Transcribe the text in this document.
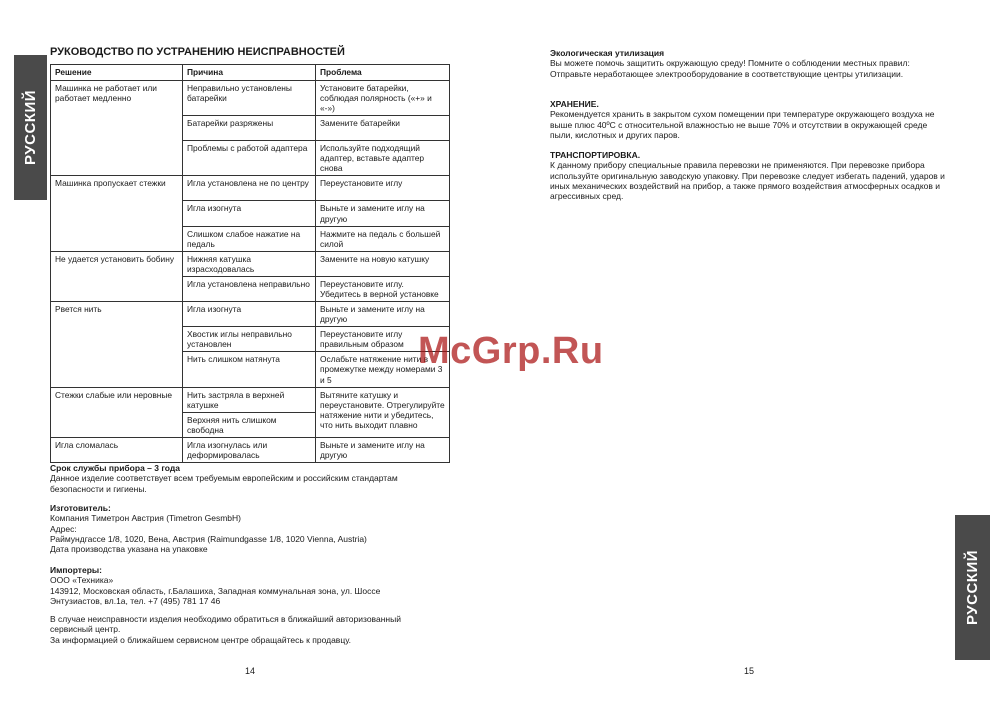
РУССКИЙ
РУКОВОДСТВО ПО УСТРАНЕНИЮ НЕИСПРАВНОСТЕЙ
Решение	Причина	Проблема
Машинка не работает или работает медленно	Неправильно установлены батарейки	Установите батарейки, соблюдая полярность («+» и «-»)
	Батарейки разряжены	Замените батарейки
	Проблемы с работой адаптера	Используйте подходящий адаптер, вставьте адаптер снова
Машинка пропускает стежки	Игла установлена не по центру	Переустановите иглу
	Игла изогнута	Выньте и замените иглу на другую
	Слишком слабое нажатие на педаль	Нажмите на педаль с большей силой
Не удается установить бобину	Нижняя катушка израсходовалась	Замените на новую катушку
	Игла установлена неправильно	Переустановите иглу. Убедитесь в верной установке
Рвется нить	Игла изогнута	Выньте и замените иглу на другую
	Хвостик иглы неправильно установлен	Переустановите иглу правильным образом
	Нить слишком натянута	Ослабьте натяжение нити в промежутке между номерами 3 и 5
Стежки слабые или неровные	Нить застряла в верхней катушке	Вытяните катушку и переустановите. Отрегулируйте натяжение нити и убедитесь, что нить выходит плавно
	Верхняя нить слишком свободна	
Игла сломалась	Игла изогнулась или деформировалась	Выньте и замените иглу на другую

Срок службы прибора – 3 года

Данное изделие соответствует всем требуемым европейским и российским стандартам безопасности и гигиены.

Изготовитель:

Компания Тиметрон Австрия (Timetron GesmbH)

Адрес:

Раймундгассе 1/8, 1020, Вена, Австрия (Raimundgasse 1/8, 1020 Vienna, Austria)

Дата производства указана на упаковке

Импортеры:

ООО «Техника»

143912, Московская область, г.Балашиха, Западная коммунальная зона, ул. Шоссе Энтузиастов, вл.1а, тел. +7 (495) 781 17 46

В случае неисправности изделия необходимо обратиться в ближайший авторизованный сервисный центр.

За информацией о ближайшем сервисном центре обращайтесь к продавцу.

Экологическая утилизация

Вы можете помочь защитить окружающую среду! Помните о соблюдении местных правил: Отправьте неработающее электрооборудование в соответствующие центры утилизации.

ХРАНЕНИЕ.

Рекомендуется хранить в закрытом сухом помещении при температуре окружающего воздуха не выше плюс 40ºС с относительной влажностью не выше 70% и отсутствии в окружающей среде пыли, кислотных и других паров.

ТРАНСПОРТИРОВКА.

К данному прибору специальные правила перевозки не применяются. При перевозке прибора используйте оригинальную заводскую упаковку. При перевозке следует избегать падений, ударов и иных механических воздействий на прибор, а также прямого воздействия атмосферных осадков и агрессивных сред.

14	15
РУССКИЙ
McGrp.Ru
